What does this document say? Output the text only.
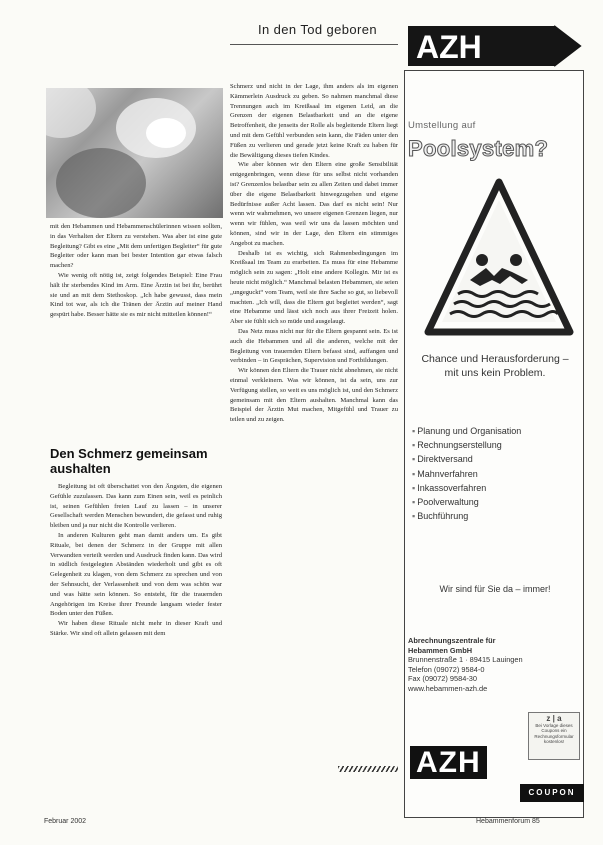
In den Tod geboren	AZH

mit den Hebammen und Hebammenschülerinnen wissen sollten, in das Verhalten der Eltern zu verstehen. Was aber ist eine gute Begleitung? Gibt es eine „Mit dem unfertigen Begleiter“ für gute Begleiter oder kann man bei bester Intention gar etwas falsch machen?

Wie wenig oft nötig ist, zeigt folgendes Beispiel: Eine Frau hält ihr sterbendes Kind im Arm. Eine Ärztin ist bei ihr, berührt sie und an mit dem Stethoskop. „Ich habe gewusst, dass mein Kind tot war, als ich die Tränen der Ärztin auf meiner Hand gespürt habe. Besser hätte sie es mir nicht mitteilen können!“

Den Schmerz gemeinsam aushalten

Begleitung ist oft überschattet von den Ängsten, die eigenen Gefühle zuzulassen. Das kann zum Einen sein, weil es peinlich ist, seinen Gefühlen freien Lauf zu lassen – in unserer Gesellschaft werden Menschen bewundert, die gefasst und ruhig bleiben und ja nur nicht die Kontrolle verlieren.

In anderen Kulturen geht man damit anders um. Es gibt Rituale, bei denen der Schmerz in der Gruppe mit allen Verwandten verteilt werden und Ausdruck finden kann. Das wird in südlich festgelegten Abständen wiederholt und gibt es oft Gelegenheit zu klagen, von dem Schmerz zu sprechen und von der Sehnsucht, der Verlassenheit und von dem was schön war und was hätte sein können. So entsteht, für die trauernden Angehörigen im Kreise ihrer Freunde langsam wieder fester Boden unter den Füßen.

Wir haben diese Rituale nicht mehr in dieser Kraft und Stärke. Wir sind oft allein gelassen mit dem

Schmerz und nicht in der Lage, ihm anders als im eigenen Kämmerlein Ausdruck zu geben. So nahmen manchmal diese Trennungen auch im Kreißsaal im eigenen Leid, an die Grenzen der eigenen Belastbarkeit und an die eigene Betroffenheit, die jenseits der Rolle als begleitende Eltern liegt und mit dem Gefühl verbunden sein kann, die Fäden unter den Füßen zu verlieren und gerade jetzt keine Kraft zu haben für die Bewältigung dieses tiefen Kindes.

Wie aber können wir den Eltern eine große Sensibilität entgegenbringen, wenn diese für uns selbst nicht vorhanden ist? Grenzenlos belastbar sein zu allen Zeiten und dabei immer über die eigene Belastbarkeit hinwegzugehen und eigene Bedürfnisse außer Acht lassen. Das darf es nicht sein! Nur wenn wir wahrnehmen, wo unsere eigenen Grenzen liegen, nur wenn wir fühlen, was weil wir uns da lassen möchten und können, sind wir in der Lage, den Eltern ein stimmiges Angebot zu machen.

Deshalb ist es wichtig, sich Rahmenbedingungen im Kreißsaal im Team zu erarbeiten. Es muss für eine Hebamme möglich sein zu sagen: „Holt eine andere Kollegin. Mir ist es heute nicht möglich.“ Manchmal belasten Hebammen, sie seien „ungeguckt“ vom Team, weil sie ihre Sache so gut, so liebevoll machten. „Ich will, dass die Eltern gut begleitet werden“, sagt eine Hebamme und lässt sich noch aus ihrer Freizeit holen. Aber sie fühlt sich so müde und ausgelaugt.

Das Netz muss nicht nur für die Eltern gespannt sein. Es ist auch die Hebammen und all die anderen, welche mit der Begleitung von trauernden Eltern befasst sind, auffangen und verbinden – in Gesprächen, Supervision und Fortbildungen.

Wir können den Eltern die Trauer nicht abnehmen, sie nicht einmal verkleinern. Was wir können, ist da sein, uns zur Verfügung stellen, so weit es uns möglich ist, und den Schmerz gemeinsam mit den Eltern aushalten. Manchmal kann das Beispiel der Ärztin Mut machen, Mitgefühl und Trauer zu teilen und zu zeigen.

Umstellung auf
Poolsystem?
Chance und Herausforderung – mit uns kein Problem.
▪ Planung und Organisation
▪ Rechnungserstellung
▪ Direktversand
▪ Mahnverfahren
▪ Inkassoverfahren
▪ Poolverwaltung
▪ Buchführung
Wir sind für Sie da – immer!
Abrechnungszentrale für Hebammen GmbH
Brunnenstraße 1 · 89415 Lauingen
Telefon (09072) 9584-0
Fax (09072) 9584-30
www.hebammen-azh.de
Bei Vorlage dieses Coupons ein Rechnungsformular kostenlos!
z | a
AZH
COUPON
Februar 2002	Hebammenforum 85
